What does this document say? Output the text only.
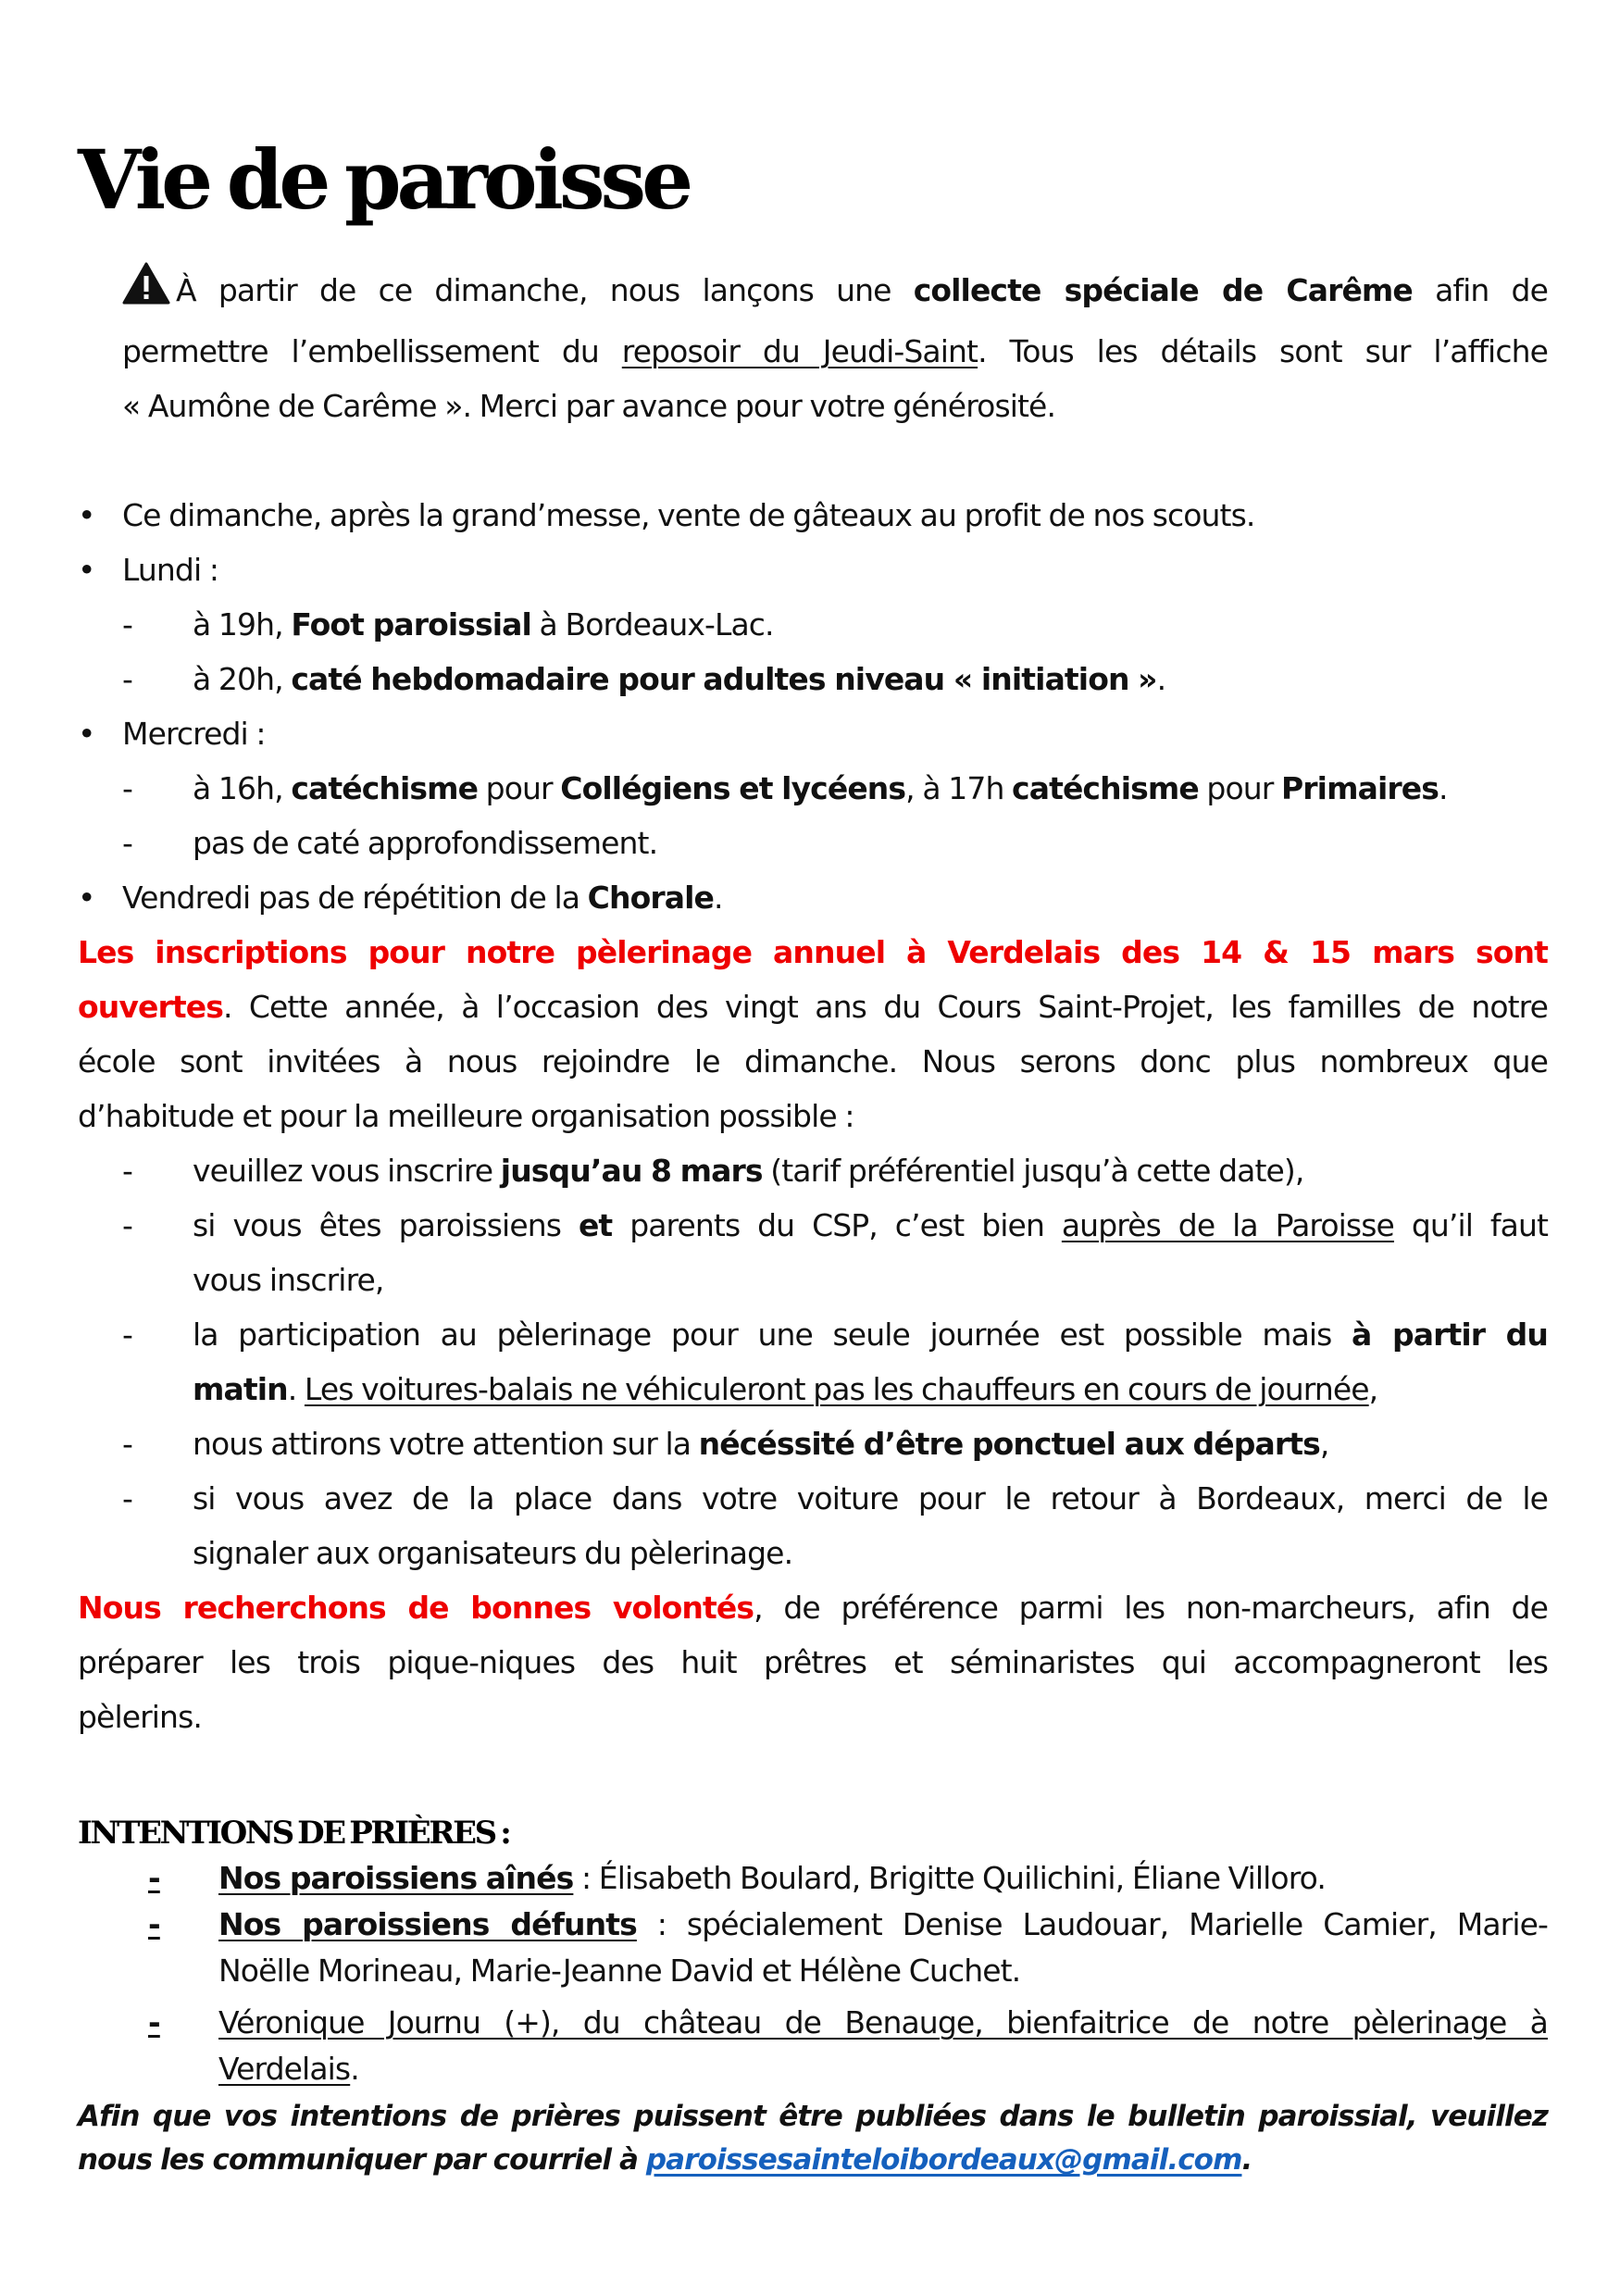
Vie de paroisse
À partir de ce dimanche, nous lançons une collecte spéciale de Carême afin de
permettre l’embellissement du reposoir du Jeudi-Saint. Tous les détails sont sur l’affiche
« Aumône de Carême ». Merci par avance pour votre générosité.
• Ce dimanche, après la grand’messe, vente de gâteaux au profit de nos scouts.
• Lundi :
- à 19h, Foot paroissial à Bordeaux-Lac.
- à 20h, caté hebdomadaire pour adultes niveau « initiation ».
• Mercredi :
- à 16h, catéchisme pour Collégiens et lycéens, à 17h catéchisme pour Primaires.
- pas de caté approfondissement.
• Vendredi pas de répétition de la Chorale.
Les inscriptions pour notre pèlerinage annuel à Verdelais des 14 & 15 mars sont
ouvertes. Cette année, à l’occasion des vingt ans du Cours Saint-Projet, les familles de notre
école sont invitées à nous rejoindre le dimanche. Nous serons donc plus nombreux que
d’habitude et pour la meilleure organisation possible :
- veuillez vous inscrire jusqu’au 8 mars (tarif préférentiel jusqu’à cette date),
- si vous êtes paroissiens et parents du CSP, c’est bien auprès de la Paroisse qu’il faut
vous inscrire,
- la participation au pèlerinage pour une seule journée est possible mais à partir du
matin. Les voitures-balais ne véhiculeront pas les chauffeurs en cours de journée,
- nous attirons votre attention sur la nécéssité d’être ponctuel aux départs,
- si vous avez de la place dans votre voiture pour le retour à Bordeaux, merci de le
signaler aux organisateurs du pèlerinage.
Nous recherchons de bonnes volontés, de préférence parmi les non-marcheurs, afin de
préparer les trois pique-niques des huit prêtres et séminaristes qui accompagneront les
pèlerins.
INTENTIONS DE PRIÈRES :
- Nos paroissiens aînés : Élisabeth Boulard, Brigitte Quilichini, Éliane Villoro.
- Nos paroissiens défunts : spécialement Denise Laudouar, Marielle Camier, Marie-
Noëlle Morineau, Marie-Jeanne David et Hélène Cuchet.
- Véronique Journu (+), du château de Benauge, bienfaitrice de notre pèlerinage à
Verdelais.
Afin que vos intentions de prières puissent être publiées dans le bulletin paroissial, veuillez
nous les communiquer par courriel à paroissesainteloibordeaux@gmail.com.
